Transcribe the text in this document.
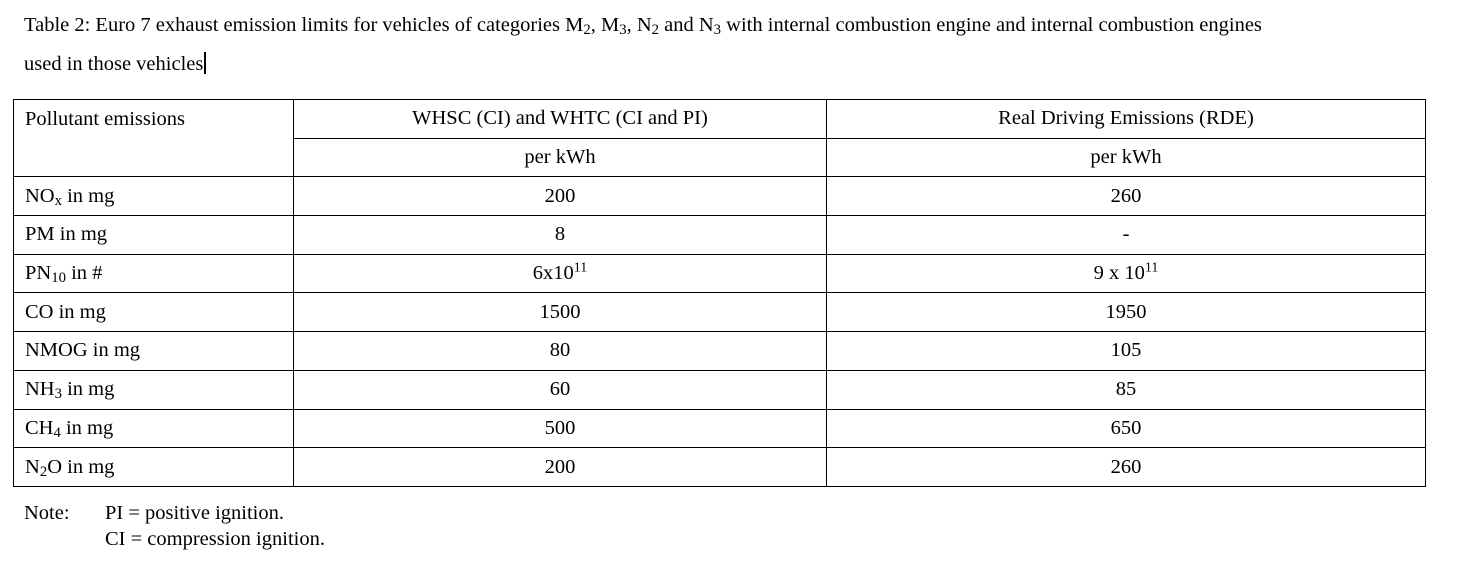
Table 2: Euro 7 exhaust emission limits for vehicles of categories $M_2$, $M_3$, $N_2$ and $N_3$ with internal combustion engine and internal combustion engines
used in those vehicles
Pollutant emissions	WHSC (CI) and WHTC (CI and PI)	Real Driving Emissions (RDE)
	per kWh	per kWh
$NO_x$ in mg	200	260
PM in mg	8	-
$PN_{10}$ in #	$6x10^{11}$	9 x $10^{11}$
CO in mg	1500	1950
NMOG in mg	80	105
$NH_3$ in mg	60	85
$CH_4$ in mg	500	650
$N_2O$ in mg	200	260
Note: PI = positive ignition.
CI = compression ignition.
